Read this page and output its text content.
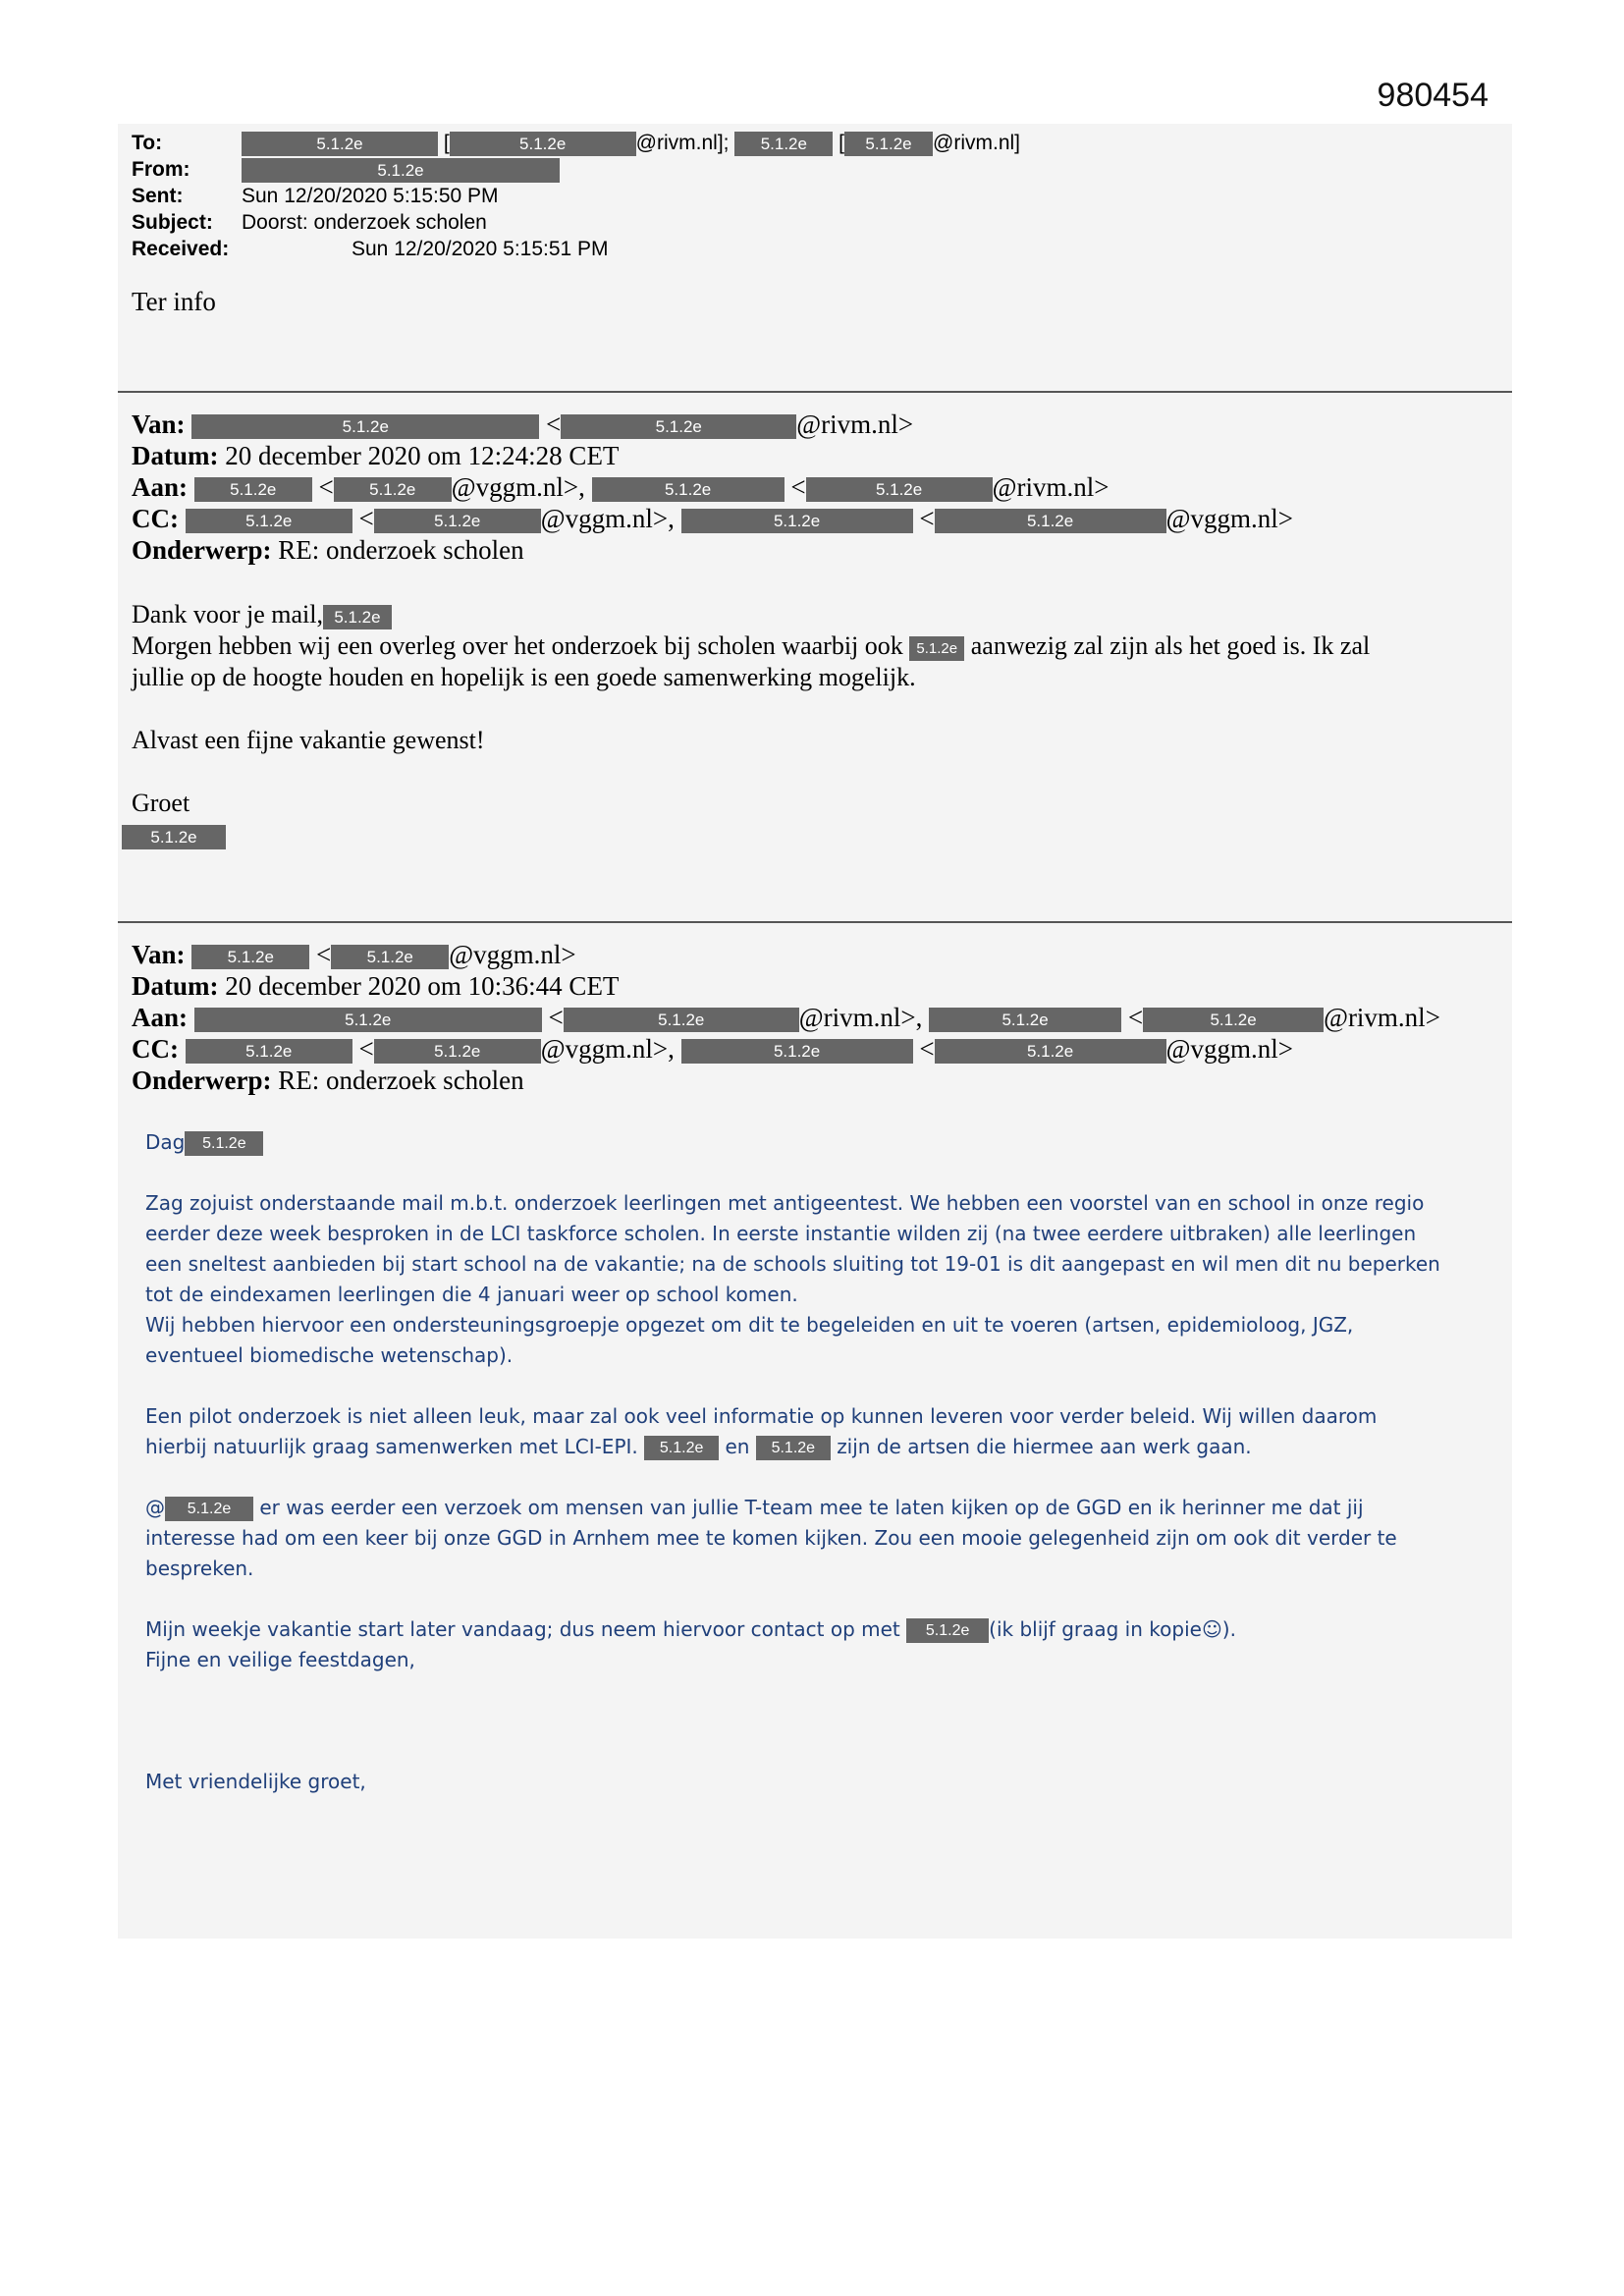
980454
To:	5.1.2e	[	5.1.2e	@rivm.nl]; 5.1.2e [ 5.1.2e @rivm.nl]
From:	5.1.2e
Sent:	Sun 12/20/2020 5:15:50 PM
Subject: Doorst: onderzoek scholen
Received:	Sun 12/20/2020 5:15:51 PM
Ter info
Van:	5.1.2e	<	5.1.2e	@rivm.nl>
Datum: 20 december 2020 om 12:24:28 CET
Aan:	5.1.2e < 5.1.2e @vggm.nl>,	5.1.2e	<	5.1.2e	@rivm.nl>
CC:	5.1.2e	<	5.1.2e @vggm.nl>,	5.1.2e	<	5.1.2e	@vggm.nl>
Onderwerp: RE: onderzoek scholen

Dank voor je mail, 5.1.2e

Morgen hebben wij een overleg over het onderzoek bij scholen waarbij ook 5.1.2e aanwezig zal zijn als het goed is. Ik zal

jullie op de hoogte houden en hopelijk is een goede samenwerking mogelijk.

Alvast een fijne vakantie gewenst!

Groet

5.1.2e

Van:	5.1.2e < 5.1.2e @vggm.nl>
Datum: 20 december 2020 om 10:36:44 CET
Aan:	5.1.2e	<	5.1.2e	@rivm.nl>,	5.1.2e	<	5.1.2e	@rivm.nl>
CC:	5.1.2e	<	5.1.2e @vggm.nl>,	5.1.2e	<	5.1.2e	@vggm.nl>
Onderwerp: RE: onderzoek scholen

Dag 5.1.2e

Zag zojuist onderstaande mail m.b.t. onderzoek leerlingen met antigeentest. We hebben een voorstel van en school in onze regio

eerder deze week besproken in de LCI taskforce scholen. In eerste instantie wilden zij (na twee eerdere uitbraken) alle leerlingen

een sneltest aanbieden bij start school na de vakantie; na de schools sluiting tot 19-01 is dit aangepast en wil men dit nu beperken

tot de eindexamen leerlingen die 4 januari weer op school komen.

Wij hebben hiervoor een ondersteuningsgroepje opgezet om dit te begeleiden en uit te voeren (artsen, epidemioloog, JGZ,

eventueel biomedische wetenschap).

Een pilot onderzoek is niet alleen leuk, maar zal ook veel informatie op kunnen leveren voor verder beleid. Wij willen daarom

hierbij natuurlijk graag samenwerken met LCI-EPI. 5.1.2e en 5.1.2e zijn de artsen die hiermee aan werk gaan.

@ 5.1.2e er was eerder een verzoek om mensen van jullie T-team mee te laten kijken op de GGD en ik herinner me dat jij

interesse had om een keer bij onze GGD in Arnhem mee te komen kijken. Zou een mooie gelegenheid zijn om ook dit verder te

bespreken.

Mijn weekje vakantie start later vandaag; dus neem hiervoor contact op met 5.1.2e (ik blijf graag in kopie☺).

Fijne en veilige feestdagen,

Met vriendelijke groet,
